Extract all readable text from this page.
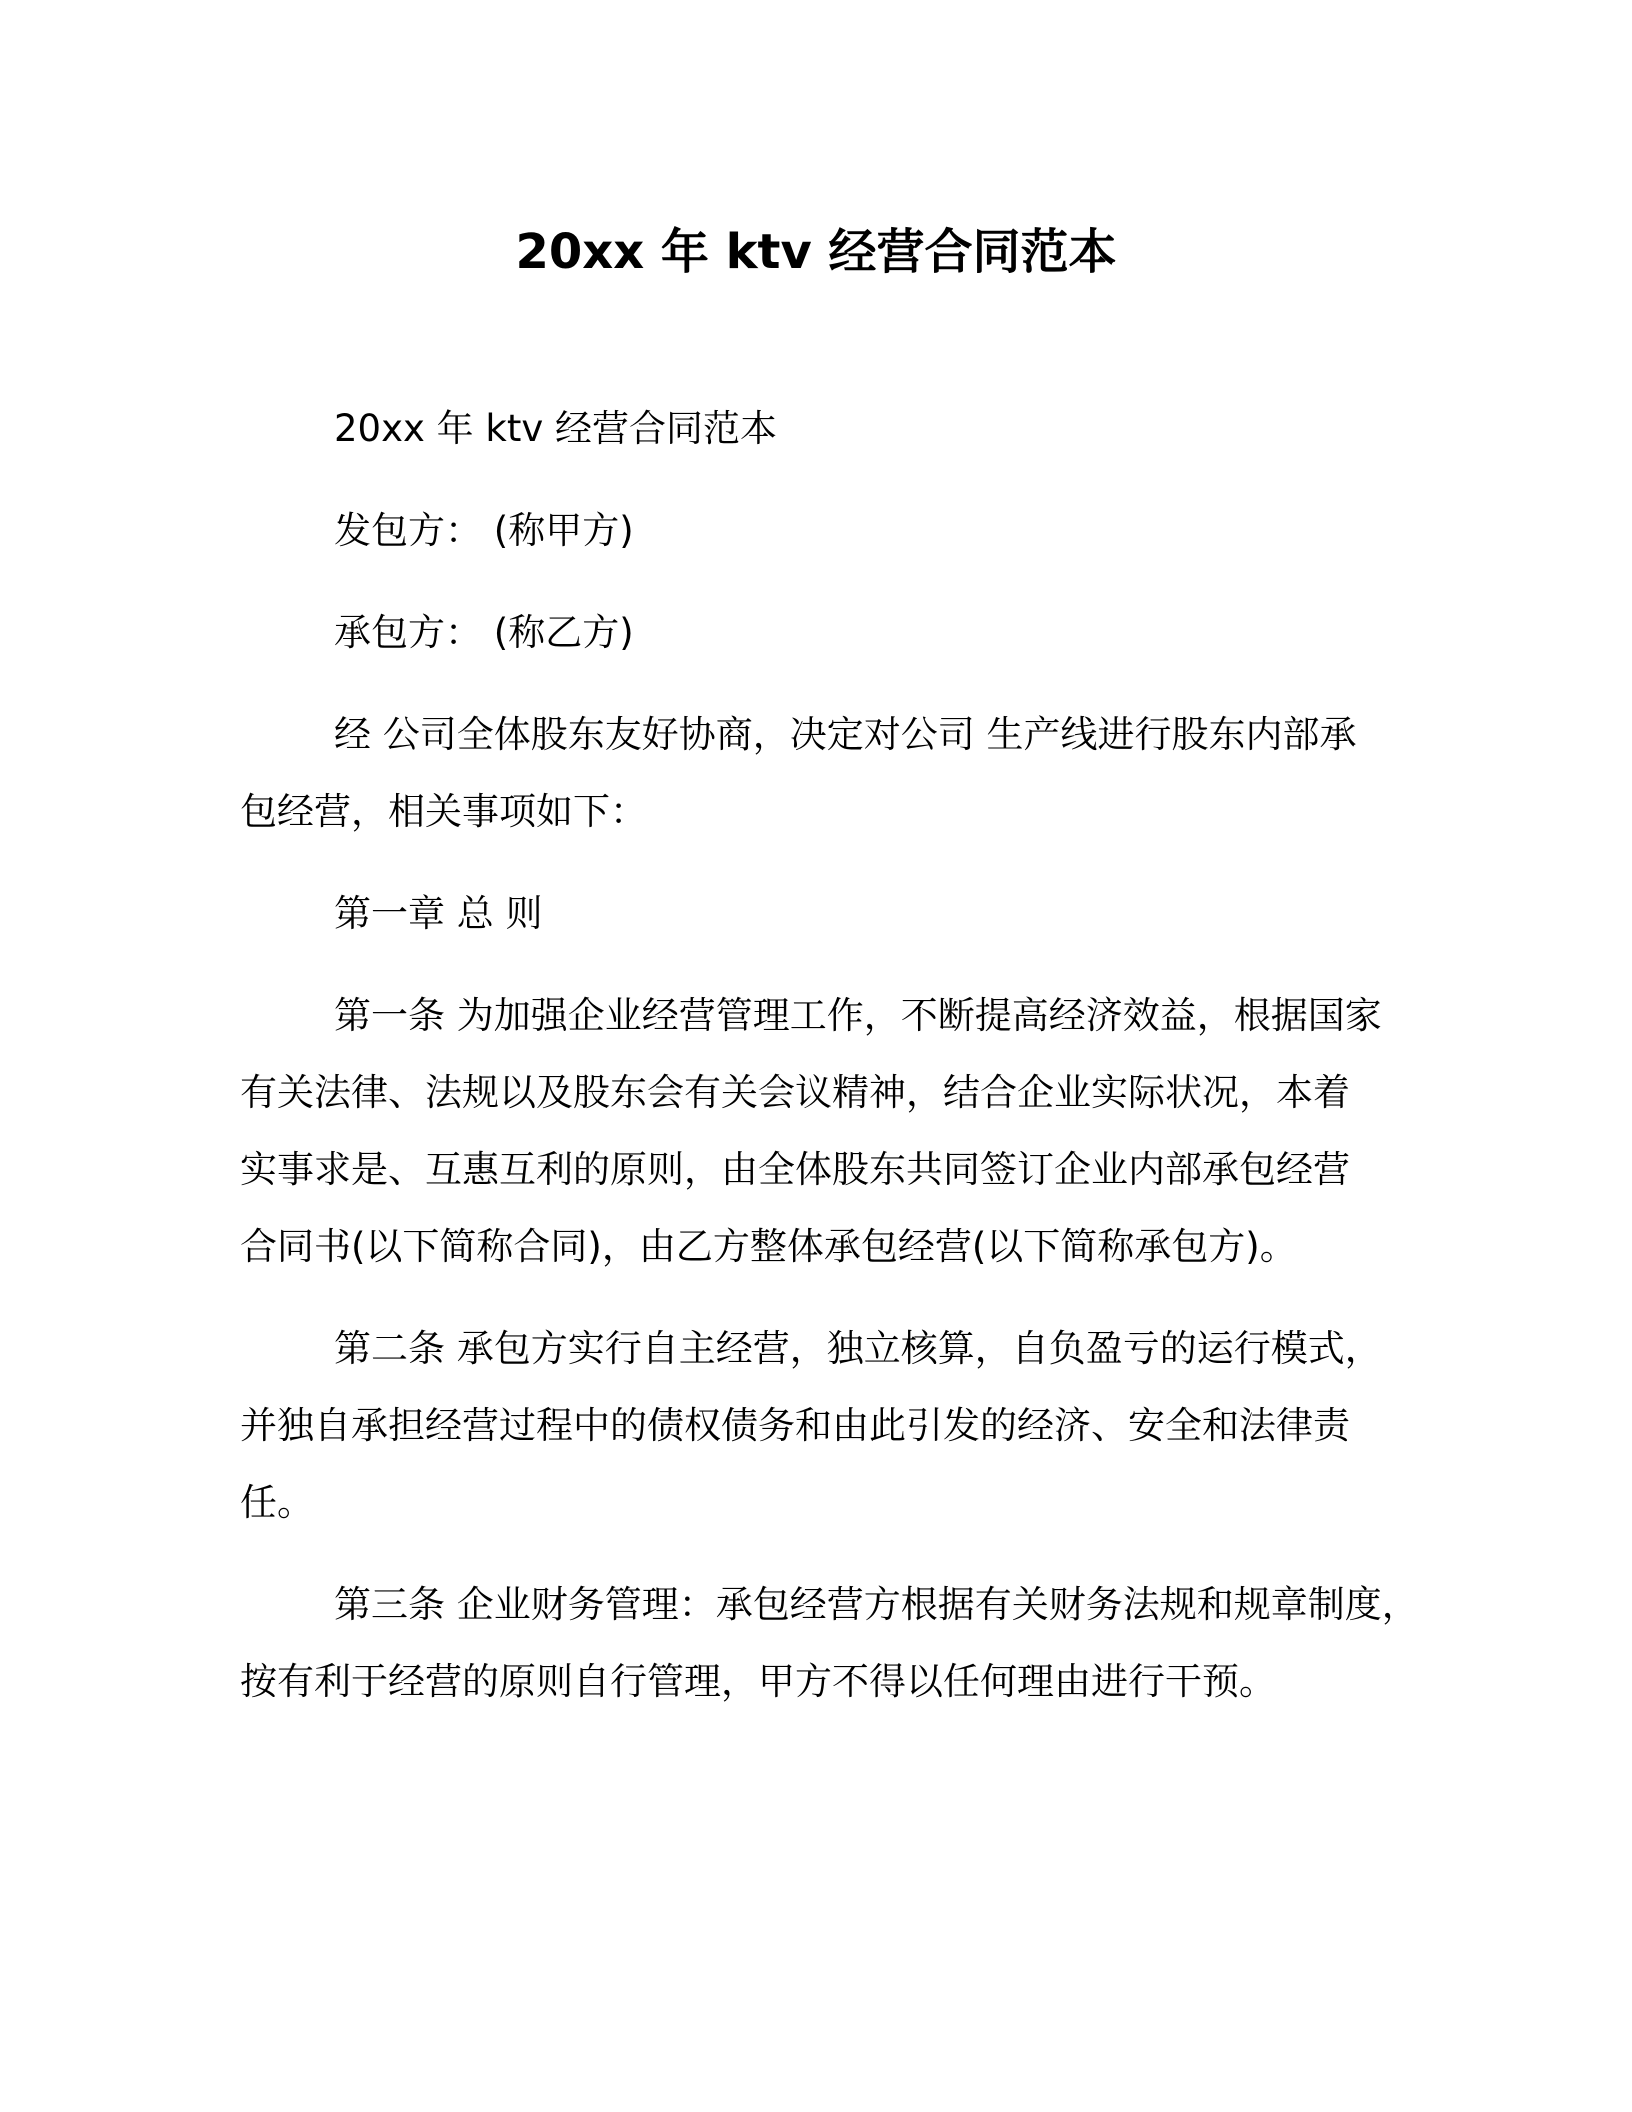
20xx 年 ktv 经营合同范本
20xx 年 ktv 经营合同范本
发包方： (称甲方)
承包方： (称乙方)
经 公司全体股东友好协商，决定对公司 生产线进行股东内部承
包经营，相关事项如下：
第一章 总 则
第一条 为加强企业经营管理工作，不断提高经济效益，根据国家
有关法律、法规以及股东会有关会议精神，结合企业实际状况，本着
实事求是、互惠互利的原则，由全体股东共同签订企业内部承包经营
合同书(以下简称合同)，由乙方整体承包经营(以下简称承包方)。
第二条 承包方实行自主经营，独立核算，自负盈亏的运行模式，
并独自承担经营过程中的债权债务和由此引发的经济、安全和法律责
任。
第三条 企业财务管理：承包经营方根据有关财务法规和规章制度，
按有利于经营的原则自行管理，甲方不得以任何理由进行干预。
